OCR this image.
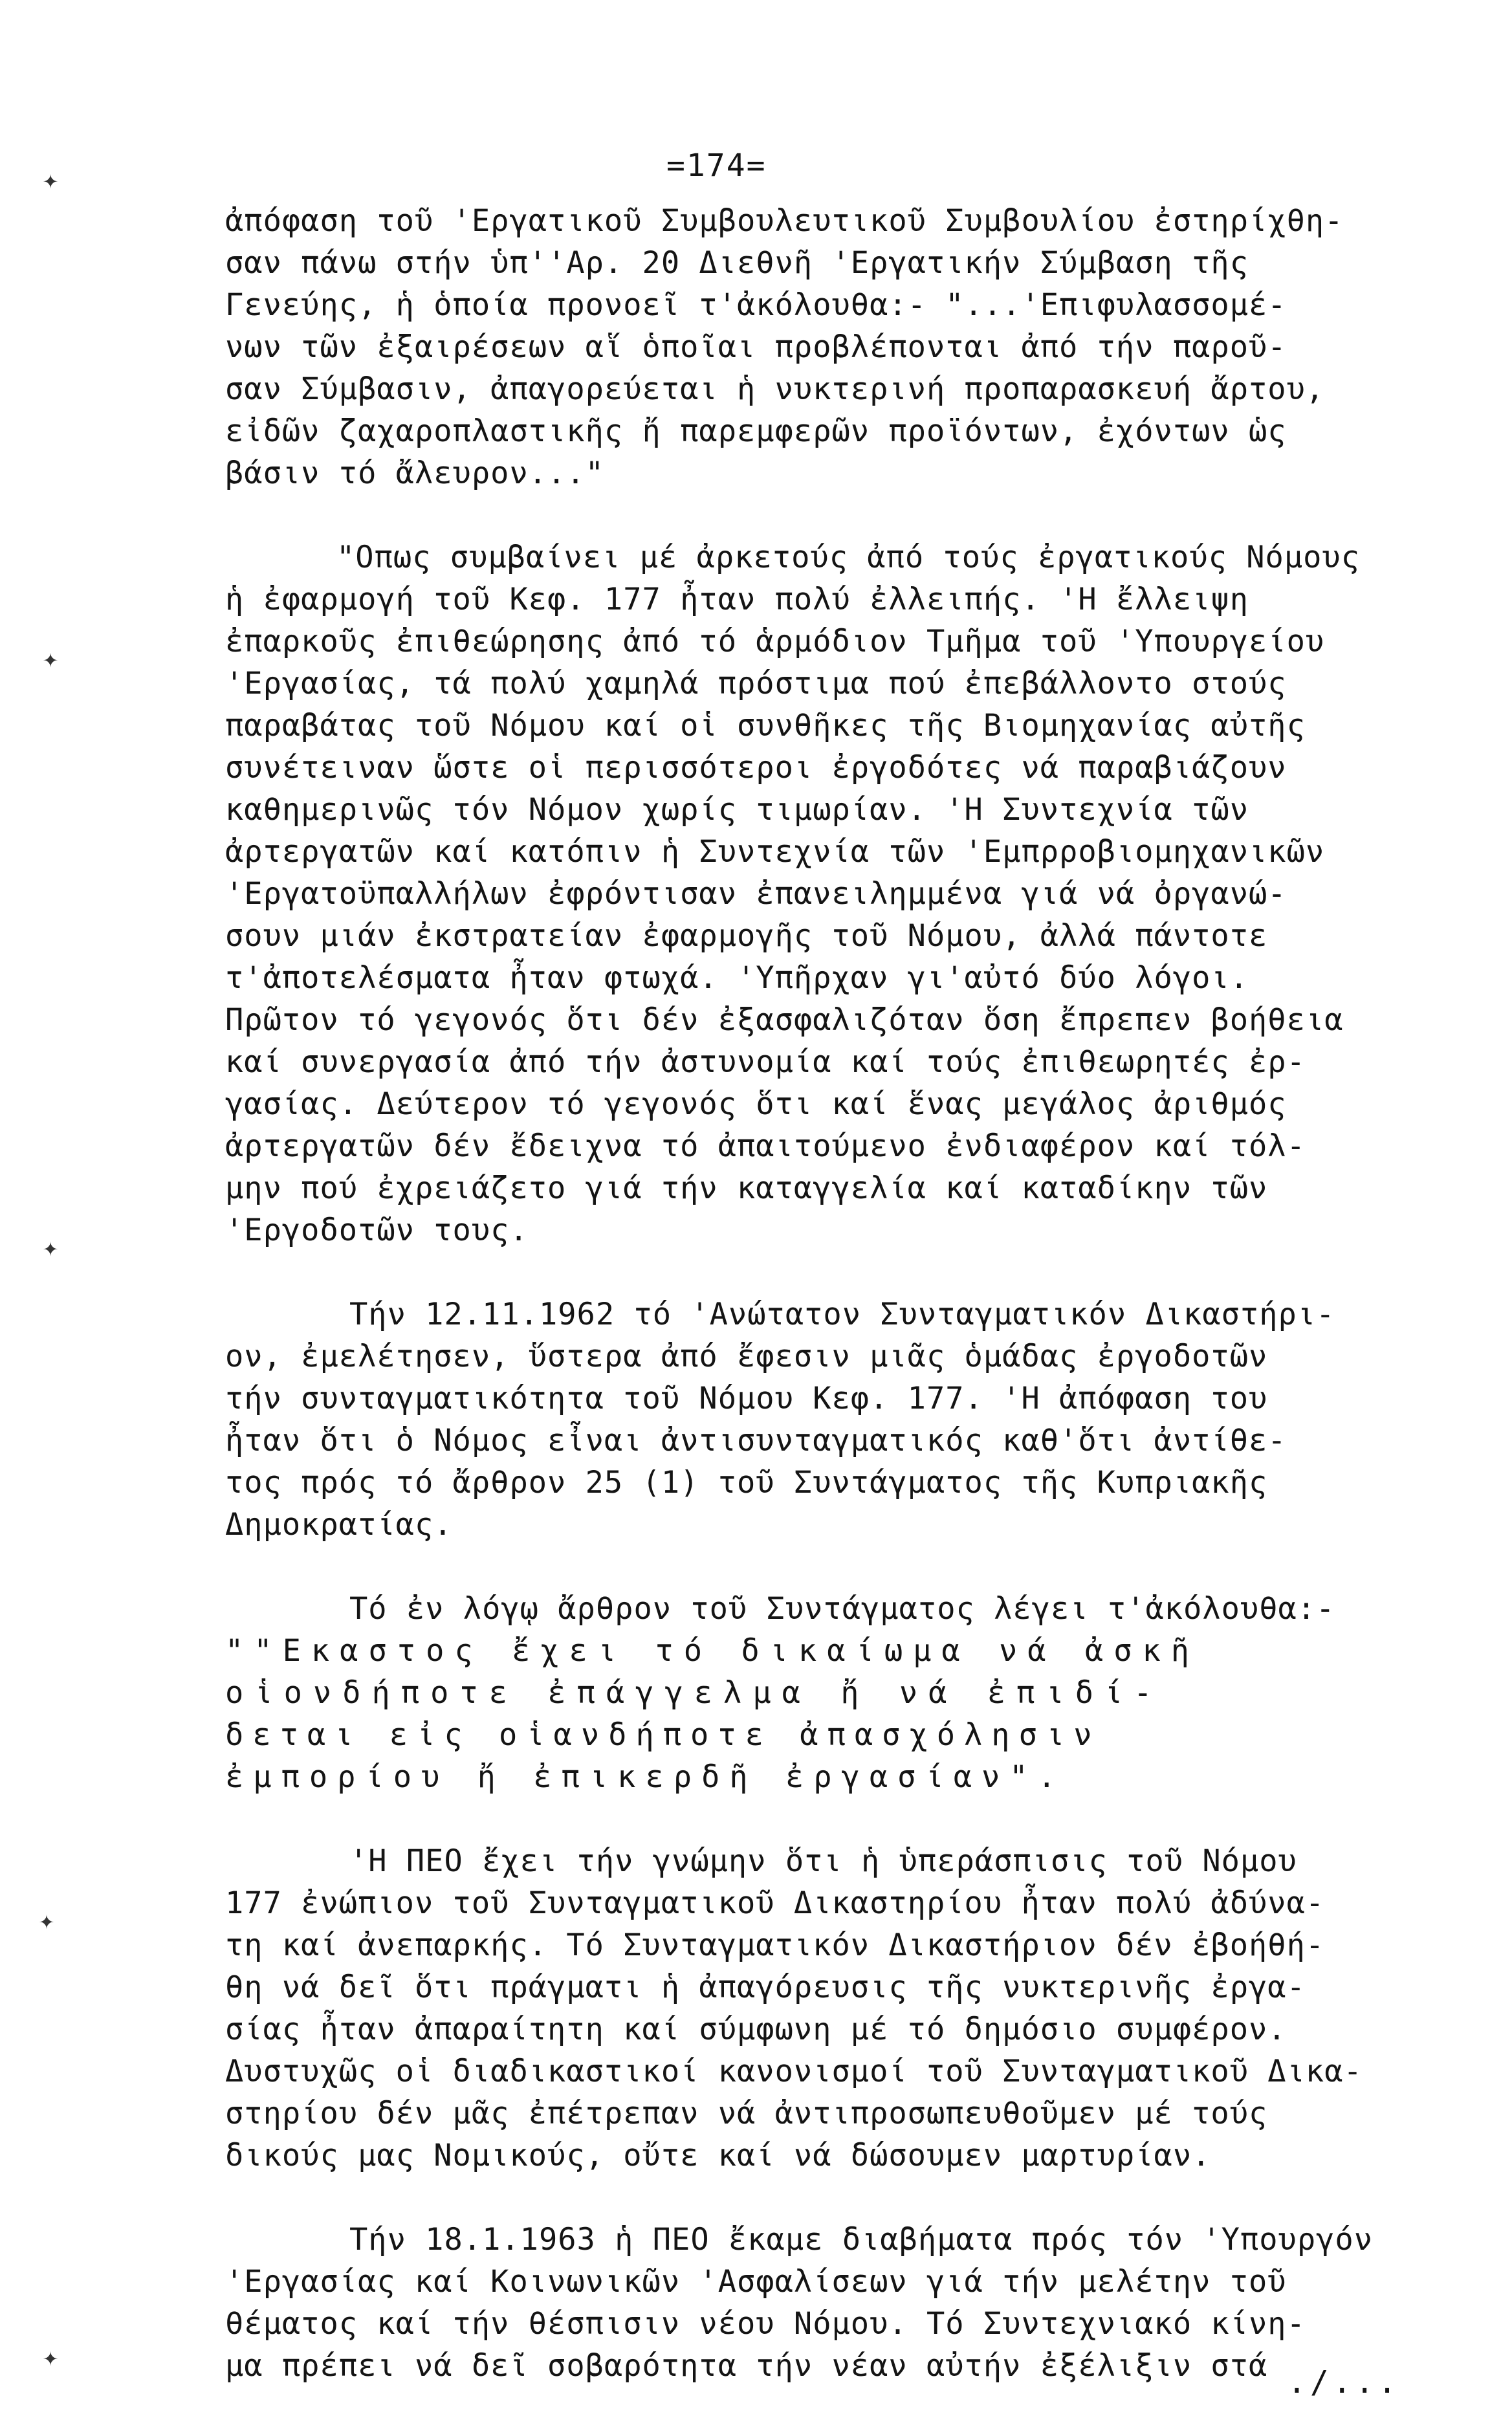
=174=

ἀπόφαση τοῦ 'Εργατικοῦ Συμβουλευτικοῦ Συμβουλίου ἐστηρίχθη-

σαν πάνω στήν ὑπ''Αρ. 20 Διεθνῆ 'Εργατικήν Σύμβαση τῆς

Γενεύης, ἡ ὁποία προνοεῖ τ'ἀκόλουθα:- "...'Επιφυλασσομέ-

νων τῶν ἐξαιρέσεων αἵ ὁποῖαι προβλέπονται ἀπό τήν παροῦ-

σαν Σύμβασιν, ἀπαγορεύεται ἡ νυκτερινή προπαρασκευή ἄρτου,

εἰδῶν ζαχαροπλαστικῆς ἤ παρεμφερῶν προϊόντων, ἐχόντων ὡς

βάσιν τό ἄλευρον..."

"Οπως συμβαίνει μέ ἀρκετούς ἀπό τούς ἐργατικούς Νόμους

ἡ ἐφαρμογή τοῦ Κεφ. 177 ἦταν πολύ ἐλλειπής. 'Η ἔλλειψη

ἐπαρκοῦς ἐπιθεώρησης ἀπό τό ἁρμόδιον Τμῆμα τοῦ 'Υπουργείου

'Εργασίας, τά πολύ χαμηλά πρόστιμα πού ἐπεβάλλοντο στούς

παραβάτας τοῦ Νόμου καί οἱ συνθῆκες τῆς Βιομηχανίας αὐτῆς

συνέτειναν ὥστε οἱ περισσότεροι ἐργοδότες νά παραβιάζουν

καθημερινῶς τόν Νόμον χωρίς τιμωρίαν. 'Η Συντεχνία τῶν

ἀρτεργατῶν καί κατόπιν ἡ Συντεχνία τῶν 'Εμπρροβιομηχανικῶν

'Εργατοϋπαλλήλων ἐφρόντισαν ἐπανειλημμένα γιά νά ὀργανώ-

σουν μιάν ἐκστρατείαν ἐφαρμογῆς τοῦ Νόμου, ἀλλά πάντοτε

τ'ἀποτελέσματα ἦταν φτωχά. 'Υπῆρχαν γι'αὐτό δύο λόγοι.

Πρῶτον τό γεγονός ὅτι δέν ἐξασφαλιζόταν ὅση ἔπρεπεν βοήθεια

καί συνεργασία ἀπό τήν ἀστυνομία καί τούς ἐπιθεωρητές ἐρ-

γασίας. Δεύτερον τό γεγονός ὅτι καί ἕνας μεγάλος ἀριθμός

ἀρτεργατῶν δέν ἔδειχνα τό ἀπαιτούμενο ἐνδιαφέρον καί τόλ-

μην πού ἐχρειάζετο γιά τήν καταγγελία καί καταδίκην τῶν

'Εργοδοτῶν τους.

Τήν 12.11.1962 τό 'Ανώτατον Συνταγματικόν Δικαστήρι-

ον, ἐμελέτησεν, ὕστερα ἀπό ἔφεσιν μιᾶς ὁμάδας ἐργοδοτῶν

τήν συνταγματικότητα τοῦ Νόμου Κεφ. 177. 'Η ἀπόφαση του

ἦταν ὅτι ὁ Νόμος εἶναι ἀντισυνταγματικός καθ'ὅτι ἀντίθε-

τος πρός τό ἄρθρον 25 (1) τοῦ Συντάγματος τῆς Κυπριακῆς

Δημοκρατίας.

Τό ἐν λόγῳ ἄρθρον τοῦ Συντάγματος λέγει τ'ἀκόλουθα:-

""Εκαστος ἔχει τό δικαίωμα νά ἀσκῆ

οἱονδήποτε ἐπάγγελμα ἤ νά ἐπιδί-

δεται εἰς οἱανδήποτε ἀπασχόλησιν

ἐμπορίου ἤ ἐπικερδῆ ἐργασίαν".

'Η ΠΕΟ ἔχει τήν γνώμην ὅτι ἡ ὑπεράσπισις τοῦ Νόμου

177 ἐνώπιον τοῦ Συνταγματικοῦ Δικαστηρίου ἦταν πολύ ἀδύνα-

τη καί ἀνεπαρκής. Τό Συνταγματικόν Δικαστήριον δέν ἐβοήθή-

θη νά δεῖ ὅτι πράγματι ἡ ἀπαγόρευσις τῆς νυκτερινῆς ἐργα-

σίας ἦταν ἀπαραίτητη καί σύμφωνη μέ τό δημόσιο συμφέρον.

Δυστυχῶς οἱ διαδικαστικοί κανονισμοί τοῦ Συνταγματικοῦ Δικα-

στηρίου δέν μᾶς ἐπέτρεπαν νά ἀντιπροσωπευθοῦμεν μέ τούς

δικούς μας Νομικούς, οὔτε καί νά δώσουμεν μαρτυρίαν.

Τήν 18.1.1963 ἡ ΠΕΟ ἔκαμε διαβήματα πρός τόν 'Υπουργόν

'Εργασίας καί Κοινωνικῶν 'Ασφαλίσεων γιά τήν μελέτην τοῦ

θέματος καί τήν θέσπισιν νέου Νόμου. Τό Συντεχνιακό κίνη-

μα πρέπει νά δεῖ σοβαρότητα τήν νέαν αὐτήν ἐξέλιξιν στά ./...
✦
✦
✦
✦
✦
